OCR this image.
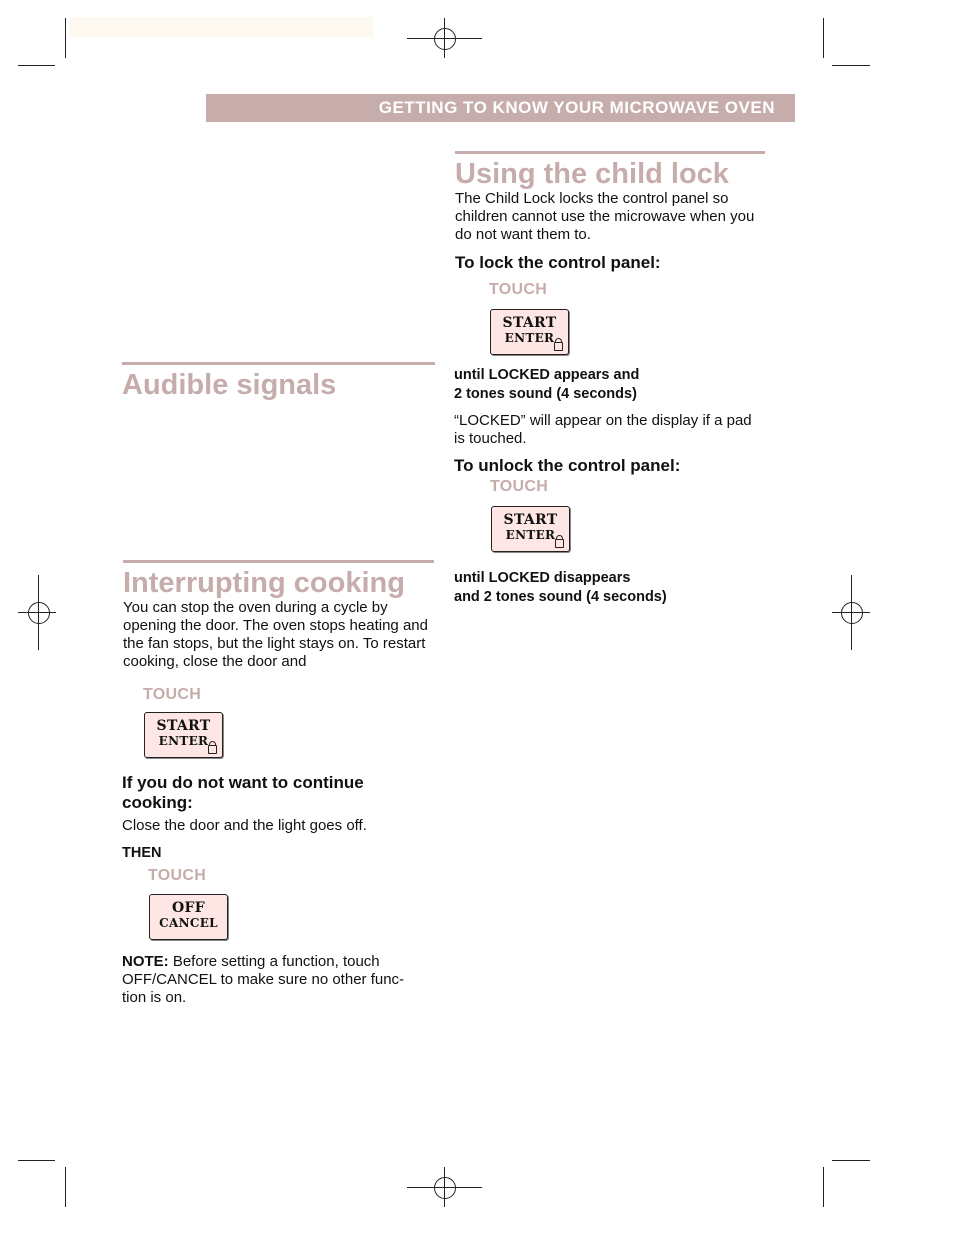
GETTING TO KNOW YOUR MICROWAVE OVEN
Using the child lock
The Child Lock locks the control panel so children cannot use the microwave when you do not want them to.
To lock the control panel:
TOUCH
START
ENTER
until LOCKED appears and
2 tones sound (4 seconds)
“LOCKED” will appear on the display if a pad is touched.
To unlock the control panel:
TOUCH
START
ENTER
until LOCKED disappears
and 2 tones sound (4 seconds)
Audible signals
Interrupting cooking
You can stop the oven during a cycle by opening the door. The oven stops heating and the fan stops, but the light stays on. To restart cooking, close the door and
TOUCH
START
ENTER
If you do not want to continue cooking:
Close the door and the light goes off.
THEN
TOUCH
OFF
CANCEL
NOTE: Before setting a function, touch OFF/CANCEL to make sure no other func-tion is on.
